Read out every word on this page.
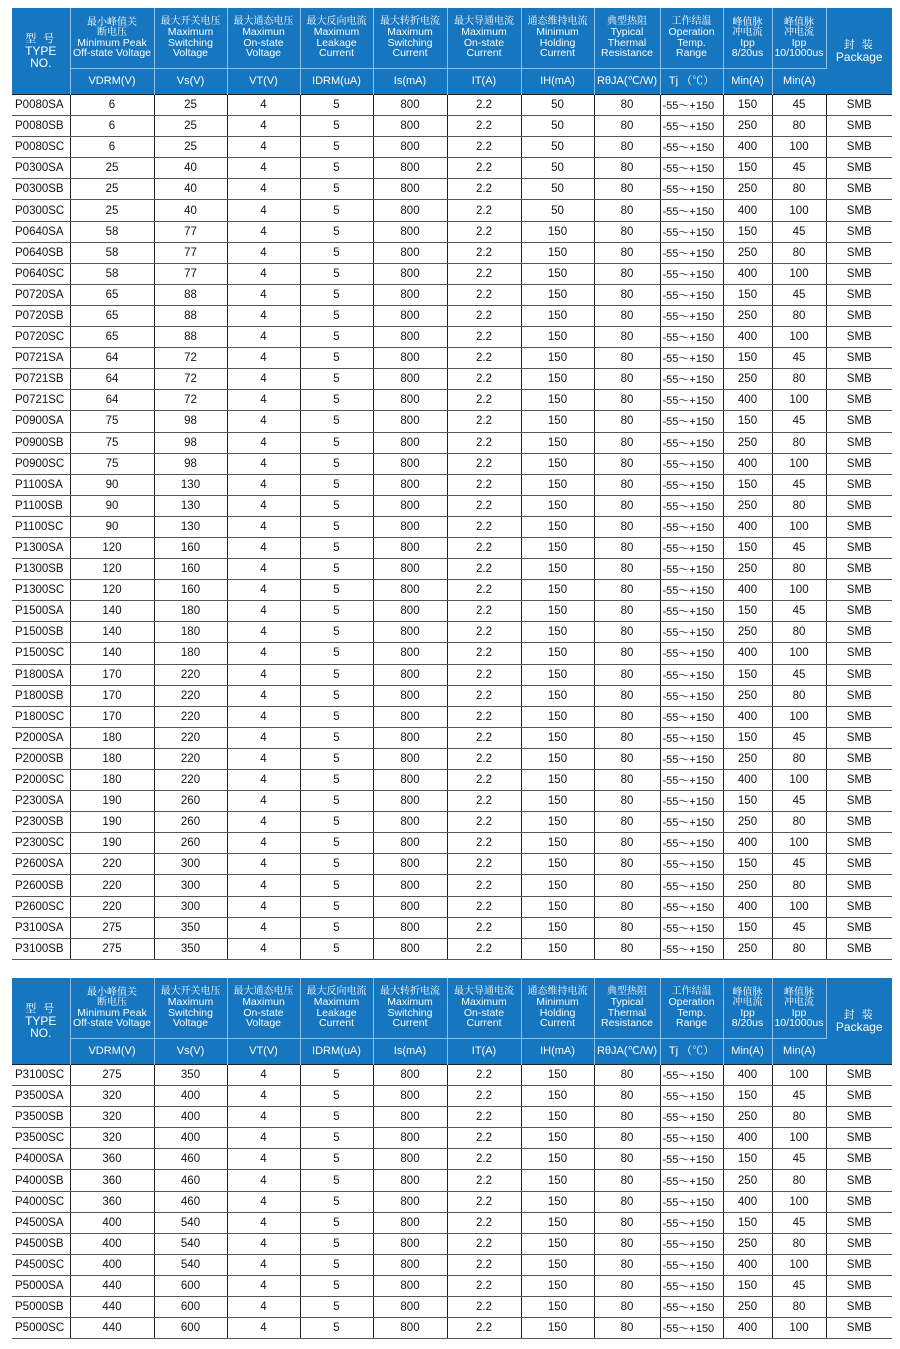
型 号
TYPE
NO.	最小峰值关
断电压
Minimum Peak
Off-state Voltage	最大开关电压
Maximum
Switching
Voltage	最大通态电压
Maximun
On-state
Voltage	最大反向电流
Maximum
Leakage
Current	最大转折电流
Maximum
Switching
Current	最大导通电流
Maximum
On-state
Current	通态维持电流
Minimum
Holding
Current	典型热阻
Typical
Thermal
Resistance	工作结温
Operation
Temp.
Range	峰值脉
冲电流
Ipp
8/20us	峰值脉
冲电流
Ipp
10/1000us	封 装
Package

	VDRM(V)	Vs(V)	VT(V)	IDRM(uA)	Is(mA)	IT(A)	IH(mA)	RθJA(℃/W)	Tj （℃）	Min(A)	Min(A)	
P0080SA	6	25	4	5	800	2.2	50	80	-55～+150	150	45	SMB
P0080SB	6	25	4	5	800	2.2	50	80	-55～+150	250	80	SMB
P0080SC	6	25	4	5	800	2.2	50	80	-55～+150	400	100	SMB
P0300SA	25	40	4	5	800	2.2	50	80	-55～+150	150	45	SMB
P0300SB	25	40	4	5	800	2.2	50	80	-55～+150	250	80	SMB
P0300SC	25	40	4	5	800	2.2	50	80	-55～+150	400	100	SMB
P0640SA	58	77	4	5	800	2.2	150	80	-55～+150	150	45	SMB
P0640SB	58	77	4	5	800	2.2	150	80	-55～+150	250	80	SMB
P0640SC	58	77	4	5	800	2.2	150	80	-55～+150	400	100	SMB
P0720SA	65	88	4	5	800	2.2	150	80	-55～+150	150	45	SMB
P0720SB	65	88	4	5	800	2.2	150	80	-55～+150	250	80	SMB
P0720SC	65	88	4	5	800	2.2	150	80	-55～+150	400	100	SMB
P0721SA	64	72	4	5	800	2.2	150	80	-55～+150	150	45	SMB
P0721SB	64	72	4	5	800	2.2	150	80	-55～+150	250	80	SMB
P0721SC	64	72	4	5	800	2.2	150	80	-55～+150	400	100	SMB
P0900SA	75	98	4	5	800	2.2	150	80	-55～+150	150	45	SMB
P0900SB	75	98	4	5	800	2.2	150	80	-55～+150	250	80	SMB
P0900SC	75	98	4	5	800	2.2	150	80	-55～+150	400	100	SMB
P1100SA	90	130	4	5	800	2.2	150	80	-55～+150	150	45	SMB
P1100SB	90	130	4	5	800	2.2	150	80	-55～+150	250	80	SMB
P1100SC	90	130	4	5	800	2.2	150	80	-55～+150	400	100	SMB
P1300SA	120	160	4	5	800	2.2	150	80	-55～+150	150	45	SMB
P1300SB	120	160	4	5	800	2.2	150	80	-55～+150	250	80	SMB
P1300SC	120	160	4	5	800	2.2	150	80	-55～+150	400	100	SMB
P1500SA	140	180	4	5	800	2.2	150	80	-55～+150	150	45	SMB
P1500SB	140	180	4	5	800	2.2	150	80	-55～+150	250	80	SMB
P1500SC	140	180	4	5	800	2.2	150	80	-55～+150	400	100	SMB
P1800SA	170	220	4	5	800	2.2	150	80	-55～+150	150	45	SMB
P1800SB	170	220	4	5	800	2.2	150	80	-55～+150	250	80	SMB
P1800SC	170	220	4	5	800	2.2	150	80	-55～+150	400	100	SMB
P2000SA	180	220	4	5	800	2.2	150	80	-55～+150	150	45	SMB
P2000SB	180	220	4	5	800	2.2	150	80	-55～+150	250	80	SMB
P2000SC	180	220	4	5	800	2.2	150	80	-55～+150	400	100	SMB
P2300SA	190	260	4	5	800	2.2	150	80	-55～+150	150	45	SMB
P2300SB	190	260	4	5	800	2.2	150	80	-55～+150	250	80	SMB
P2300SC	190	260	4	5	800	2.2	150	80	-55～+150	400	100	SMB
P2600SA	220	300	4	5	800	2.2	150	80	-55～+150	150	45	SMB
P2600SB	220	300	4	5	800	2.2	150	80	-55～+150	250	80	SMB
P2600SC	220	300	4	5	800	2.2	150	80	-55～+150	400	100	SMB
P3100SA	275	350	4	5	800	2.2	150	80	-55～+150	150	45	SMB
P3100SB	275	350	4	5	800	2.2	150	80	-55～+150	250	80	SMB
型 号
TYPE
NO.	最小峰值关
断电压
Minimum Peak
Off-state Voltage	最大开关电压
Maximum
Switching
Voltage	最大通态电压
Maximun
On-state
Voltage	最大反向电流
Maximum
Leakage
Current	最大转折电流
Maximum
Switching
Current	最大导通电流
Maximum
On-state
Current	通态维持电流
Minimum
Holding
Current	典型热阻
Typical
Thermal
Resistance	工作结温
Operation
Temp.
Range	峰值脉
冲电流
Ipp
8/20us	峰值脉
冲电流
Ipp
10/1000us	封 装
Package

	VDRM(V)	Vs(V)	VT(V)	IDRM(uA)	Is(mA)	IT(A)	IH(mA)	RθJA(℃/W)	Tj （℃）	Min(A)	Min(A)	
P3100SC	275	350	4	5	800	2.2	150	80	-55～+150	400	100	SMB
P3500SA	320	400	4	5	800	2.2	150	80	-55～+150	150	45	SMB
P3500SB	320	400	4	5	800	2.2	150	80	-55～+150	250	80	SMB
P3500SC	320	400	4	5	800	2.2	150	80	-55～+150	400	100	SMB
P4000SA	360	460	4	5	800	2.2	150	80	-55～+150	150	45	SMB
P4000SB	360	460	4	5	800	2.2	150	80	-55～+150	250	80	SMB
P4000SC	360	460	4	5	800	2.2	150	80	-55～+150	400	100	SMB
P4500SA	400	540	4	5	800	2.2	150	80	-55～+150	150	45	SMB
P4500SB	400	540	4	5	800	2.2	150	80	-55～+150	250	80	SMB
P4500SC	400	540	4	5	800	2.2	150	80	-55～+150	400	100	SMB
P5000SA	440	600	4	5	800	2.2	150	80	-55～+150	150	45	SMB
P5000SB	440	600	4	5	800	2.2	150	80	-55～+150	250	80	SMB
P5000SC	440	600	4	5	800	2.2	150	80	-55～+150	400	100	SMB
